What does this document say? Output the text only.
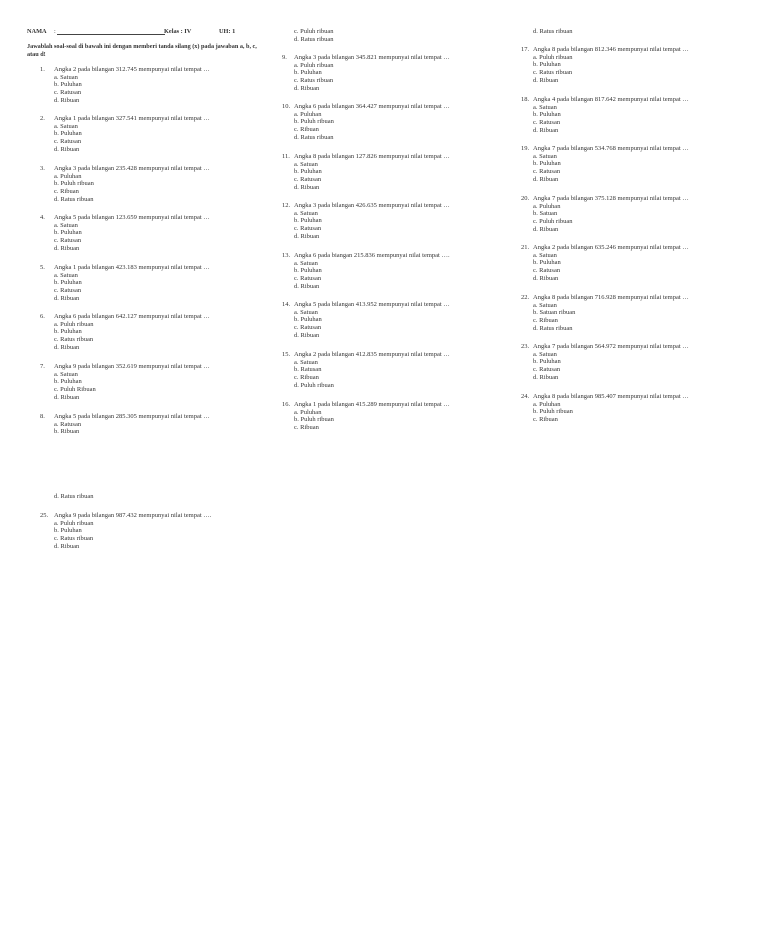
NAMA :	Kelas : IV	UH: 1
Jawablah soal-soal di bawah ini dengan memberi tanda silang (x) pada jawaban a, b, c, atau d!
1.	Angka 2 pada bilangan 312.745 mempunyai nilai tempat …
a. Satuan
b. Puluhan
c. Ratusan
d. Ribuan
2.	Angka 1 pada bilangan 327.541 mempunyai nilai tempat …
a. Satuan
b. Puluhan
c. Ratusan
d. Ribuan
3.	Angka 3 pada bilangan 235.428 mempunyai nilai tempat …
a. Puluhan
b. Puluh ribuan
c. Ribuan
d. Ratus ribuan
4.	Angka 5 pada bilangan 123.659 mempunyai nilai tempat …
a. Satuan
b. Puluhan
c. Ratusan
d. Ribuan
5.	Angka 1 pada bilangan 423.183 mempunyai nilai tempat …
a. Satuan
b. Puluhan
c. Ratusan
d. Ribuan
6.	Angka 6 pada bilangan 642.127 mempunyai nilai tempat …
a. Puluh ribuan
b. Puluhan
c. Ratus ribuan
d. Ribuan
7.	Angka 9 pada bilangan 352.619 mempunyai nilai tempat …
a. Satuan
b. Puluhan
c. Puluh Ribuan
d. Ribuan
8.	Angka 5 pada bilangan 285.305 mempunyai nilai tempat …
a. Ratusan
b. Ribuan
d. Ratus ribuan
25. Angka 9 pada bilangan 987.432 mempunyai nilai tempat ….
a. Puluh ribuan
b. Puluhan
c. Ratus ribuan
d. Ribuan
c. Puluh ribuan
d. Ratus ribuan
9.	Angka 3 pada bilangan 345.821 mempunyai nilai tempat …
a. Puluh ribuan
b. Puluhan
c. Ratus ribuan
d. Ribuan
10. Angka 6 pada bilangan 364.427 mempunyai nilai tempat …
a. Puluhan
b. Puluh ribuan
c. Ribuan
d. Ratus ribuan
11. Angka 8 pada bilangan 127.826 mempunyai nilai tempat …
a. Satuan
b. Puluhan
c. Ratusan
d. Ribuan
12. Angka 3 pada bilangan 426.635 mempunyai nilai tempat …
a. Satuan
b. Puluhan
c. Ratusan
d. Ribuan
13. Angka 6 pada biangan 215.836 mempunyai nilai tempat ….
a. Satuan
b. Puluhan
c. Ratusan
d. Ribuan
14. Angka 5 pada bilangan 413.952 mempunyai nilai tempat …
a. Satuan
b. Puluhan
c. Ratusan
d. Ribuan
15. Angka 2 pada bilangan 412.835 mempunyai nilai tempat …
a. Satuan
b. Ratusan
c. Ribuan
d. Puluh ribuan
16. Angka 1 pada bilangan 415.289 mempunyai nilai tempat …
a. Puluhan
b. Puluh ribuan
c. Ribuan
d. Ratus ribuan
17. Angka 8 pada bilangan 812.346 mempunyai nilai tempat …
a. Puluh ribuan
b. Puluhan
c. Ratus ribuan
d. Ribuan
18. Angka 4 pada bilangan 817.642 mempunyai nilai tempat …
a. Satuan
b. Puluhan
c. Ratusan
d. Ribuan
19. Angka 7 pada bilangan 534.768 mempunyai nilai tempat …
a. Satuan
b. Puluhan
c. Ratusan
d. Ribuan
20. Angka 7 pada bilangan 375.128 mempunyai nilai tempat …
a. Puluhan
b. Satuan
c. Puluh ribuan
d. Ribuan
21. Angka 2 pada bilangan 635.246 mempunyai nilai tempat …
a. Satuan
b. Puluhan
c. Ratusan
d. Ribuan
22. Angka 8 pada bilangan 716.928 mempunyai nilai tempat …
a. Satuan
b. Satuan ribuan
c. Ribuan
d. Ratus ribuan
23. Angka 7 pada bilangan 564.972 mempunyai nilai tempat …
a. Satuan
b. Puluhan
c. Ratusan
d. Ribuan
24. Angka 8 pada bilangan 985.407 mempunyai nilai tempat …
a. Puluhan
b. Puluh ribuan
c. Ribuan
